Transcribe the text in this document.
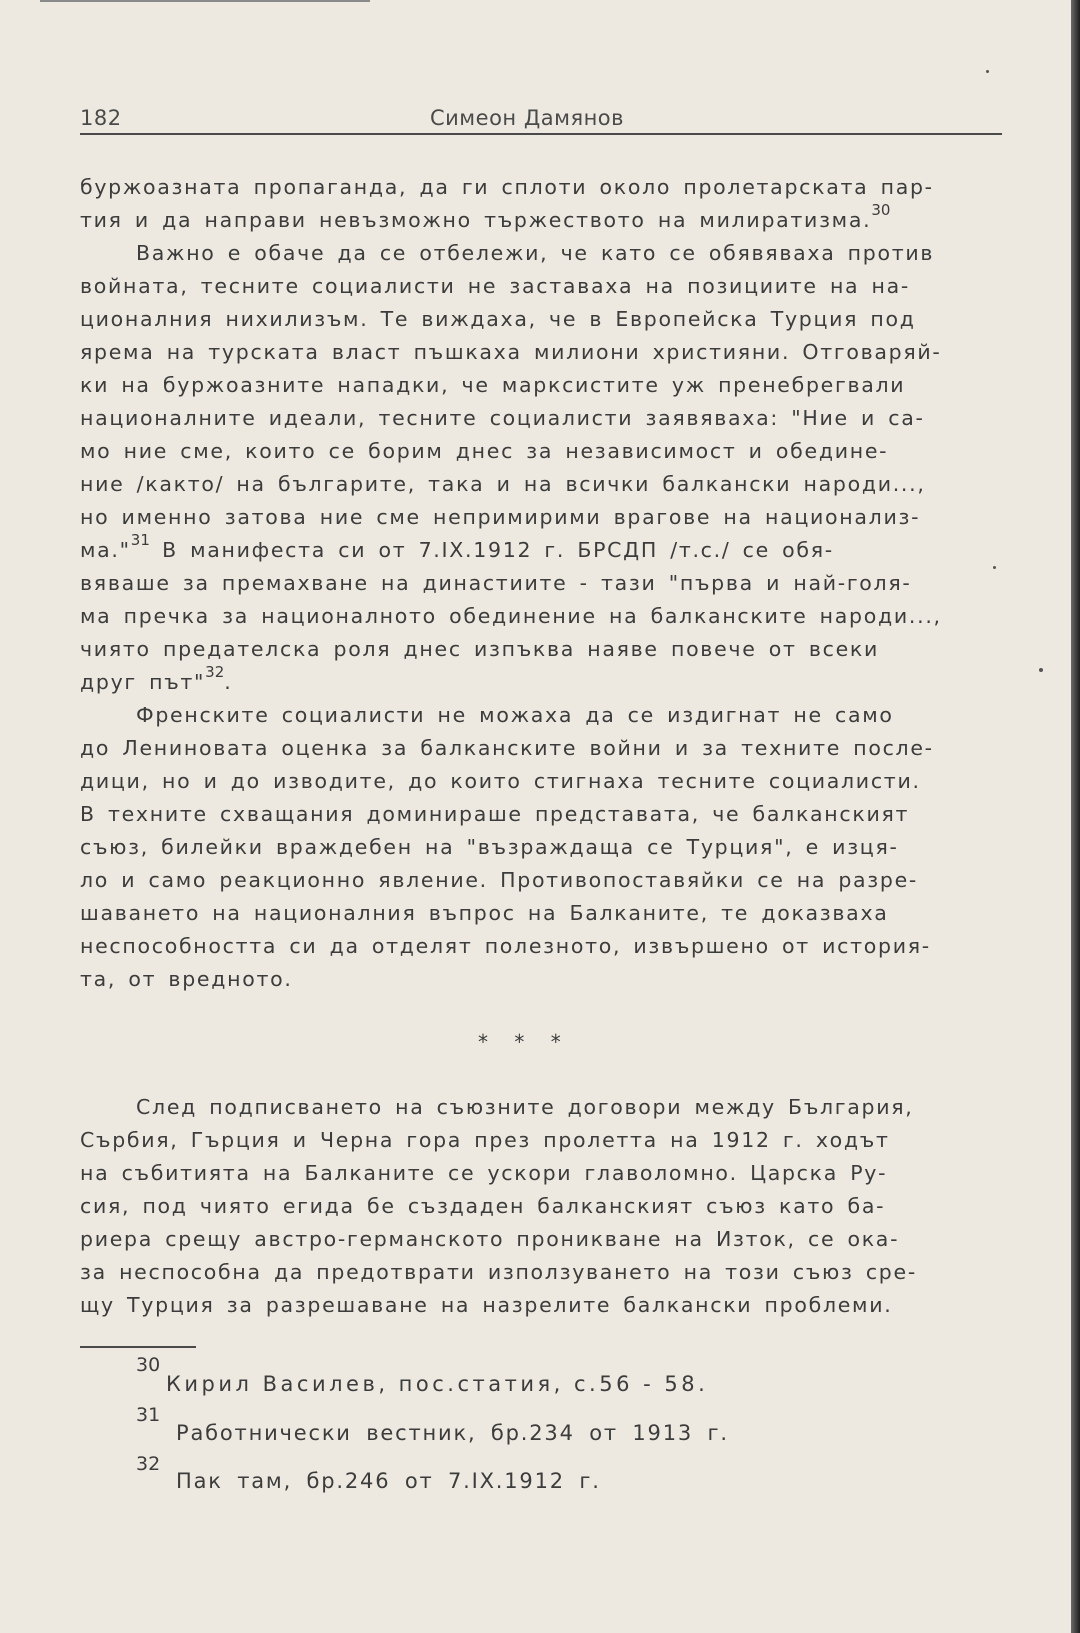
182	Симеон Дамянов
буржоазната пропаганда, да ги сплоти около пролетарската пар-
тия и да направи невъзможно тържеството на милиратизма.$^{30}$
Важно е обаче да се отбележи, че като се обявяваха против
войната, тесните социалисти не заставаха на позициите на на-
ционалния нихилизъм. Те виждаха, че в Европейска Турция под
ярема на турската власт пъшкаха милиони християни. Отговаряй-
ки на буржоазните нападки, че марксистите уж пренебрегвали
националните идеали, тесните социалисти заявяваха: "Ние и са-
мо ние сме, които се борим днес за независимост и обедине-
ние /както/ на българите, така и на всички балкански народи...,
но именно затова ние сме непримирими врагове на национализ-
ма."$^{31}$ В манифеста си от 7.IX.1912 г. БРСДП /т.с./ се обя-
вяваше за премахване на династиите - тази "първа и най-голя-
ма пречка за националното обединение на балканските народи...,
чиято предателска роля днес изпъква наяве повече от всеки
друг път"$^{32}$.
Френските социалисти не можаха да се издигнат не само
до Лениновата оценка за балканските войни и за техните после-
дици, но и до изводите, до които стигнаха тесните социалисти.
В техните схващания доминираше представата, че балканският
съюз, билейки враждебен на "възраждаща се Турция", е изця-
ло и само реакционно явление. Противопоставяйки се на разре-
шаването на националния въпрос на Балканите, те доказваха
неспособността си да отделят полезното, извършено от история-
та, от вредното.
* * *
След подписването на съюзните договори между България,
Сърбия, Гърция и Черна гора през пролетта на 1912 г. ходът
на събитията на Балканите се ускори главоломно. Царска Ру-
сия, под чиято егида бе създаден балканският съюз като ба-
риера срещу австро-германското проникване на Изток, се ока-
за неспособна да предотврати използуването на този съюз сре-
щу Турция за разрешаване на назрелите балкански проблеми.
30
Кирил Василев, пос.статия, с.56 - 58.
31
Работнически вестник, бр.234 от 1913 г.
32
Пак там, бр.246 от 7.IX.1912 г.
